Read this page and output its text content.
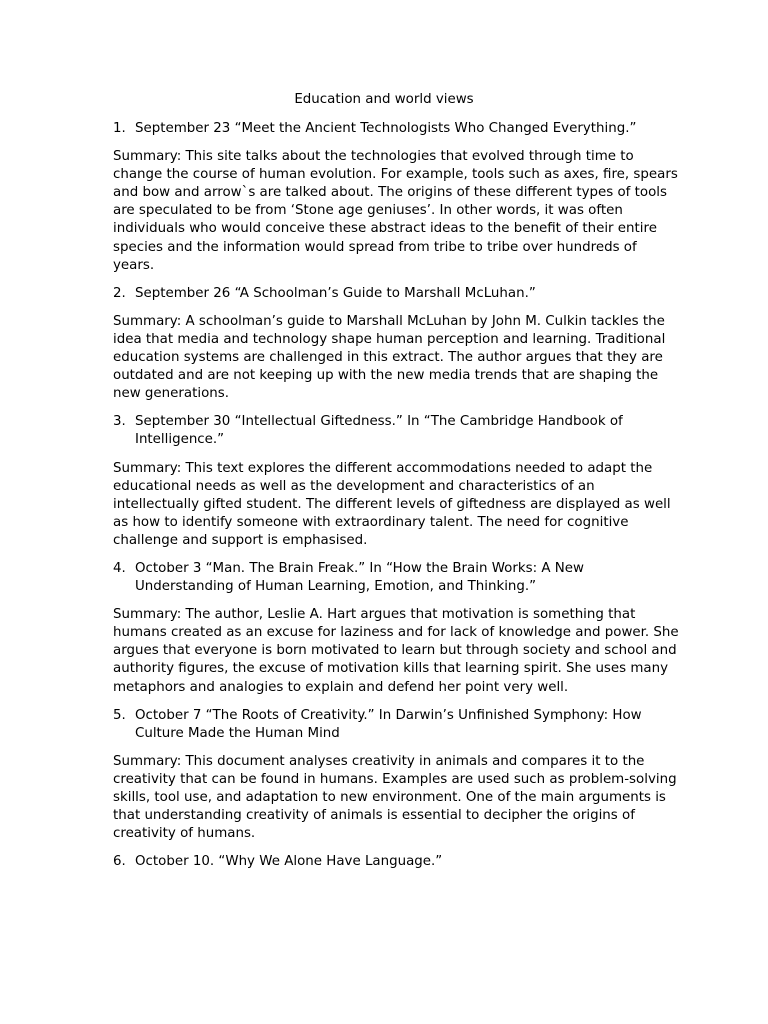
Education and world views
1. September 23 “Meet the Ancient Technologists Who Changed Everything.”

Summary: This site talks about the technologies that evolved through time to change the course of human evolution. For example, tools such as axes, fire, spears and bow and arrow`s are talked about. The origins of these different types of tools are speculated to be from ‘Stone age geniuses’. In other words, it was often individuals who would conceive these abstract ideas to the benefit of their entire species and the information would spread from tribe to tribe over hundreds of years.

2. September 26 “A Schoolman’s Guide to Marshall McLuhan.”

Summary: A schoolman’s guide to Marshall McLuhan by John M. Culkin tackles the idea that media and technology shape human perception and learning. Traditional education systems are challenged in this extract. The author argues that they are outdated and are not keeping up with the new media trends that are shaping the new generations.

3. September 30 “Intellectual Giftedness.” In “The Cambridge Handbook of Intelligence.”

Summary: This text explores the different accommodations needed to adapt the educational needs as well as the development and characteristics of an intellectually gifted student. The different levels of giftedness are displayed as well as how to identify someone with extraordinary talent. The need for cognitive challenge and support is emphasised.

4. October 3 “Man. The Brain Freak.” In “How the Brain Works: A New Understanding of Human Learning, Emotion, and Thinking.”

Summary: The author, Leslie A. Hart argues that motivation is something that humans created as an excuse for laziness and for lack of knowledge and power. She argues that everyone is born motivated to learn but through society and school and authority figures, the excuse of motivation kills that learning spirit. She uses many metaphors and analogies to explain and defend her point very well.

5. October 7 “The Roots of Creativity.” In Darwin’s Unfinished Symphony: How Culture Made the Human Mind

Summary: This document analyses creativity in animals and compares it to the creativity that can be found in humans. Examples are used such as problem-solving skills, tool use, and adaptation to new environment. One of the main arguments is that understanding creativity of animals is essential to decipher the origins of creativity of humans.

6. October 10. “Why We Alone Have Language.”
